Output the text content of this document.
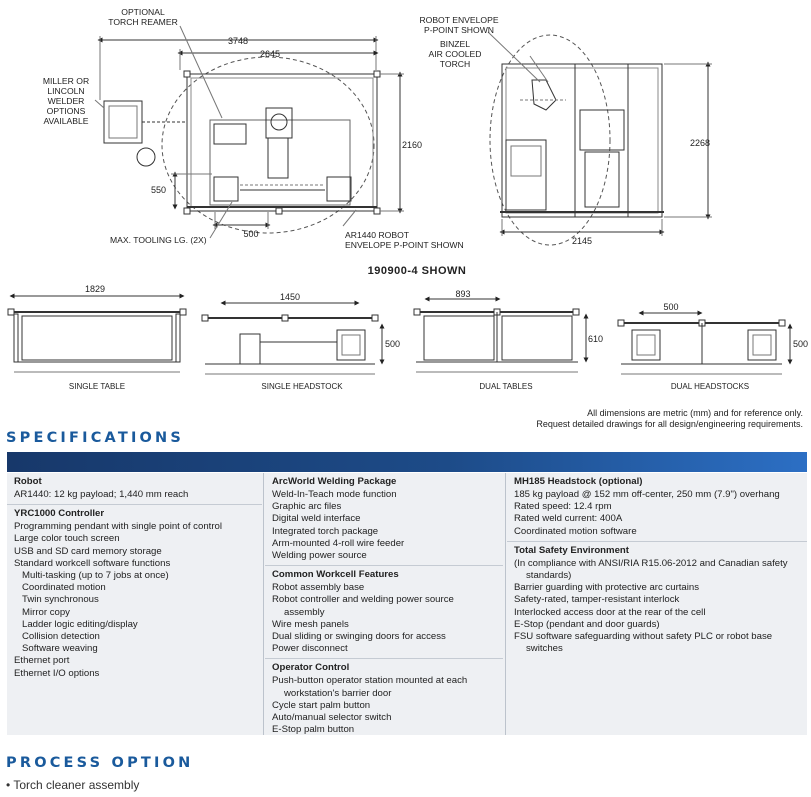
OPTIONAL
TORCH REAMER
MILLER OR
LINCOLN
WELDER
OPTIONS
AVAILABLE
MAX. TOOLING LG. (2X)	AR1440 ROBOT
ENVELOPE P-POINT SHOWN
3748
2645
2160
550
500
ROBOT ENVELOPE
P-POINT SHOWN
BINZEL
AIR COOLED
TORCH
2268
2145
190900-4 SHOWN
1829
SINGLE TABLE
1450
500
SINGLE HEADSTOCK
893
610
DUAL TABLES
500
500
DUAL HEADSTOCKS
All dimensions are metric (mm) and for reference only.
Request detailed drawings for all design/engineering requirements.
SPECIFICATIONS
Robot
AR1440: 12 kg payload; 1,440 mm reach
YRC1000 Controller
Programming pendant with single point of control
Large color touch screen
USB and SD card memory storage
Standard workcell software functions
Multi-tasking (up to 7 jobs at once)
Coordinated motion
Twin synchronous
Mirror copy
Ladder logic editing/display
Collision detection
Software weaving
Ethernet port
Ethernet I/O options
ArcWorld Welding Package
Weld-In-Teach mode function
Graphic arc files
Digital weld interface
Integrated torch package
Arm-mounted 4-roll wire feeder
Welding power source
Common Workcell Features
Robot assembly base
Robot controller and welding power source assembly
Wire mesh panels
Dual sliding or swinging doors for access
Power disconnect
Operator Control
Push-button operator station mounted at each workstation's barrier door
Cycle start palm button
Auto/manual selector switch
E-Stop palm button
MH185 Headstock (optional)
185 kg payload @ 152 mm off-center, 250 mm (7.9") overhang
Rated speed: 12.4 rpm
Rated weld current: 400A
Coordinated motion software
Total Safety Environment
(In compliance with ANSI/RIA R15.06-2012 and Canadian safety standards)
Barrier guarding with protective arc curtains
Safety-rated, tamper-resistant interlock
Interlocked access door at the rear of the cell
E-Stop (pendant and door guards)
FSU software safeguarding without safety PLC or robot base switches
PROCESS OPTION
• Torch cleaner assembly
